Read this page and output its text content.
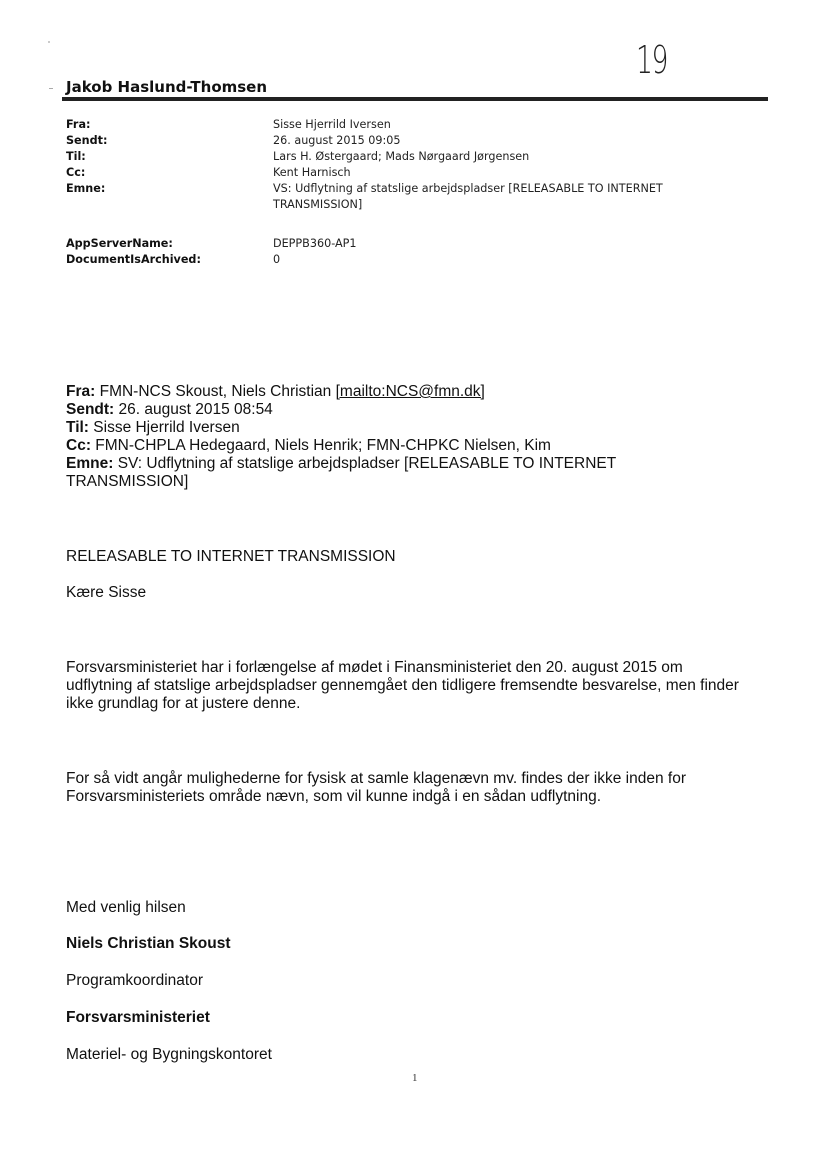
19
Jakob Haslund-Thomsen
Fra:	Sisse Hjerrild Iversen
Sendt:	26. august 2015 09:05
Til:	Lars H. Østergaard; Mads Nørgaard Jørgensen
Cc:	Kent Harnisch
Emne:	VS: Udflytning af statslige arbejdspladser [RELEASABLE TO INTERNET
TRANSMISSION]
AppServerName:	DEPPB360-AP1
DocumentIsArchived:	0
Fra: FMN-NCS Skoust, Niels Christian [mailto:NCS@fmn.dk]
Sendt: 26. august 2015 08:54
Til: Sisse Hjerrild Iversen
Cc: FMN-CHPLA Hedegaard, Niels Henrik; FMN-CHPKC Nielsen, Kim
Emne: SV: Udflytning af statslige arbejdspladser [RELEASABLE TO INTERNET
TRANSMISSION]
RELEASABLE TO INTERNET TRANSMISSION
Kære Sisse
Forsvarsministeriet har i forlængelse af mødet i Finansministeriet den 20. august 2015 om
udflytning af statslige arbejdspladser gennemgået den tidligere fremsendte besvarelse, men finder
ikke grundlag for at justere denne.
For så vidt angår mulighederne for fysisk at samle klagenævn mv. findes der ikke inden for
Forsvarsministeriets område nævn, som vil kunne indgå i en sådan udflytning.
Med venlig hilsen
Niels Christian Skoust
Programkoordinator
Forsvarsministeriet
Materiel- og Bygningskontoret
1
